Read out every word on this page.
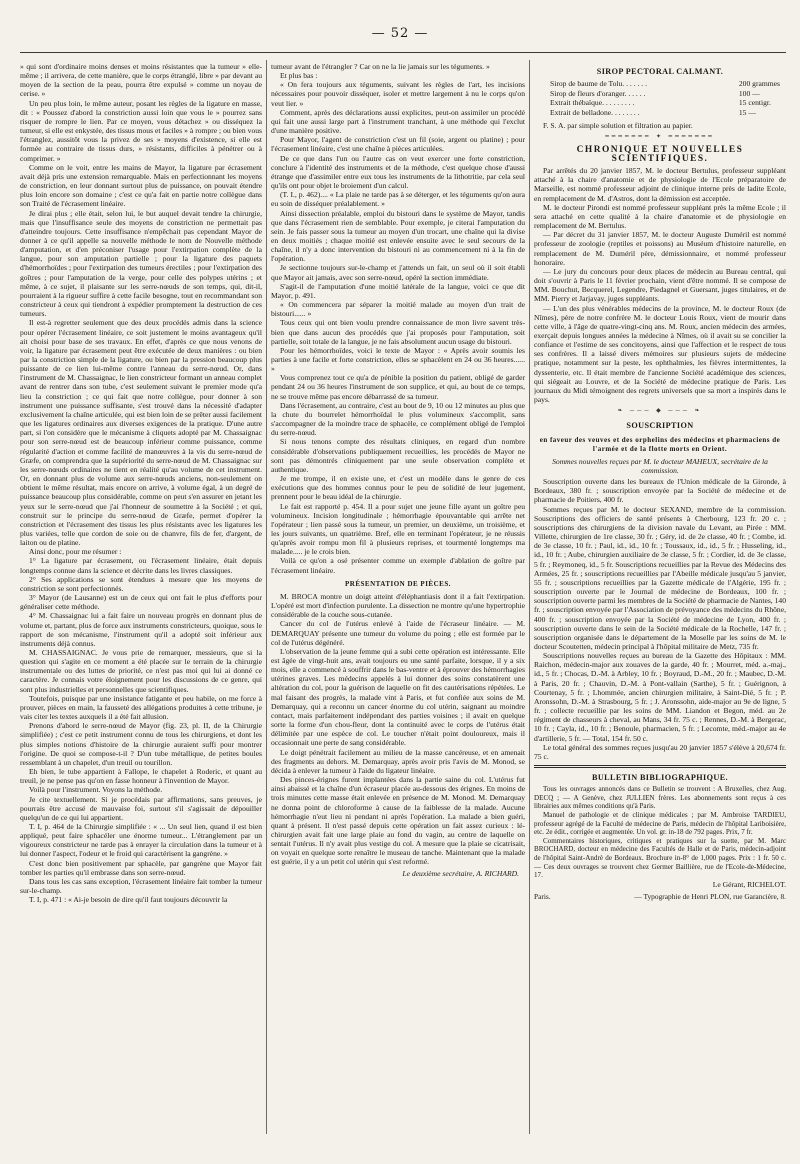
— 52 —

» qui sont d'ordinaire moins denses et moins résistantes que la tumeur » elle-même ; il arrivera, de cette manière, que le corps étranglé, libre » par devant au moyen de la section de la peau, pourra être expulsé » comme un noyau de cerise. »

Un peu plus loin, le même auteur, posant les règles de la ligature en masse, dit : « Poussez d'abord la constriction aussi loin que vous le » pourrez sans risquer de rompre le lien. Par ce moyen, vous détachez » ou disséquez la tumeur, si elle est enkystée, des tissus mous et faciles » à rompre ; ou bien vous l'étranglez, aussitôt vous la privez de ses » moyens d'existence, si elle est formée au contraire de tissus durs, » résistants, difficiles à pénétrer ou à comprimer. »

Comme on le voit, entre les mains de Mayor, la ligature par écrasement avait déjà pris une extension remarquable. Mais en perfectionnant les moyens de constriction, en leur donnant surtout plus de puissance, on pouvait étendre plus loin encore son domaine ; c'est ce qu'a fait en partie notre collègue dans son Traité de l'écrasement linéaire.

Je dirai plus ; elle était, selon lui, le but auquel devait tendre la chirurgie, mais que l'insuffisance seule des moyens de constriction ne permettait pas d'atteindre toujours. Cette insuffisance n'empêchait pas cependant Mayor de donner à ce qu'il appelle sa nouvelle méthode le nom de Nouvelle méthode d'amputation, et d'en préconiser l'usage pour l'extirpation complète de la langue, pour son amputation partielle ; pour la ligature des paquets d'hémorrhoïdes ; pour l'extirpation des tumeurs érectiles ; pour l'extirpation des goîtres ; pour l'amputation de la verge, pour celle des polypes utérins ; et même, à ce sujet, il plaisante sur les serre-nœuds de son temps, qui, dit-il, pourraient à la rigueur suffire à cette facile besogne, tout en recommandant son constricteur à ceux qui tiendront à expédier promptement la destruction de ces tumeurs.

Il est-à regretter seulement que des deux procédés admis dans la science pour opérer l'écrasement linéaire, ce soit justement le moins avantageux qu'il ait choisi pour base de ses travaux. En effet, d'après ce que nous venons de voir, la ligature par écrasement peut être exécutée de deux manières : ou bien par la constriction simple de la ligature, ou bien par la pression beaucoup plus puissante de ce lien lui-même contre l'anneau du serre-nœud. Or, dans l'instrument de M. Chassaignac, le lien constricteur formant un anneau complet avant de rentrer dans son tube, c'est seulement suivant le premier mode qu'a lieu la constriction ; ce qui fait que notre collègue, pour donner à son instrument une puissance suffisante, s'est trouvé dans la nécessité d'adapter exclusivement la chaîne articulée, qui est bien loin de se prêter aussi facilement que les ligatures ordinaires aux diverses exigences de la pratique. D'une autre part, si l'on considère que le mécanisme à cliquets adopté par M. Chassaignac pour son serre-nœud est de beaucoup inférieur comme puissance, comme régularité d'action et comme facilité de manœuvres à la vis du serre-nœud de Græfe, on comprendra que la supériorité du serre-nœud de M. Chassaignac sur les serre-nœuds ordinaires ne tient en réalité qu'au volume de cet instrument. Or, en donnant plus de volume aux serre-nœuds anciens, non-seulement on obtient le même résultat, mais encore on arrive, à volume égal, à un degré de puissance beaucoup plus considérable, comme on peut s'en assurer en jetant les yeux sur le serre-nœud que j'ai l'honneur de soumettre à la Société ; et qui, construit sur le principe du serre-nœud de Græfe, permet d'opérer la constriction et l'écrasement des tissus les plus résistants avec les ligatures les plus variées, telle que cordon de soie ou de chanvre, fils de fer, d'argent, de laiton ou de platine.

Ainsi donc, pour me résumer :

1° La ligature par écrasement, ou l'écrasement linéaire, était depuis longtemps connue dans la science et décrite dans les livres classiques.

2° Ses applications se sont étendues à mesure que les moyens de constriction se sont perfectionnés.

3° Mayor (de Lausanne) est un de ceux qui ont fait le plus d'efforts pour généraliser cette méthode.

4° M. Chassaignac lui a fait faire un nouveau progrès en donnant plus de volume et, partant, plus de force aux instruments constricteurs, quoique, sous le rapport de son mécanisme, l'instrument qu'il a adopté soit inférieur aux instruments déjà connus.

M. CHASSAIGNAC. Je vous prie de remarquer, messieurs, que si la question qui s'agite en ce moment a été placée sur le terrain de la chirurgie instrumentale ou des luttes de priorité, ce n'est pas moi qui lui ai donné ce caractère. Je connais votre éloignement pour les discussions de ce genre, qui sont plus industrielles et personnelles que scientifiques.

Toutefois, puisque par une insistance fatigante et peu habile, on me force à prouver, pièces en main, la fausseté des allégations produites à cette tribune, je vais citer les textes auxquels il a été fait allusion.

Prenons d'abord le serre-nœud de Mayor (fig. 23, pl. II, de la Chirurgie simplifiée) ; c'est ce petit instrument connu de tous les chirurgiens, et dont les plus simples notions d'histoire de la chirurgie auraient suffi pour montrer l'origine. De quoi se compose-t-il ? D'un tube métallique, de petites boules ressemblant à un chapelet, d'un treuil ou tourillon.

Eh bien, le tube appartient à Fallope, le chapelet à Roderic, et quant au treuil, je ne pense pas qu'on en fasse honneur à l'invention de Mayor.

Voilà pour l'instrument. Voyons la méthode.

Je cite textuellement. Si je procédais par affirmations, sans preuves, je pourrais être accusé de mauvaise foi, surtout s'il s'agissait de dépouiller quelqu'un de ce qui lui appartient.

T. I, p. 464 de la Chirurgie simplifiée : « ... Un seul lien, quand il est bien appliqué, peut faire sphacéler une énorme tumeur... L'étranglement par un vigoureux constricteur ne tarde pas à enrayer la circulation dans la tumeur et à lui donner l'aspect, l'odeur et le froid qui caractérisent la gangrène. »

C'est donc bien positivement par sphacèle, par gangrène que Mayor fait tomber les parties qu'il embrasse dans son serre-nœud.

Dans tous les cas sans exception, l'écrasement linéaire fait tomber la tumeur sur-le-champ.

T. I, p. 471 : « Ai-je besoin de dire qu'il faut toujours découvrir la

tumeur avant de l'étrangler ? Car on ne la lie jamais sur les téguments. »

Et plus bas :

« On fera toujours aux téguments, suivant les règles de l'art, les incisions nécessaires pour pouvoir disséquer, isoler et mettre largement à nu le corps qu'on veut lier. »

Comment, après des déclarations aussi explicites, peut-on assimiler un procédé qui fait une aussi large part à l'instrument tranchant, à une méthode qui l'exclut d'une manière positive.

Pour Mayor, l'agent de constriction c'est un fil (soie, argent ou platine) ; pour l'écrasement linéaire, c'est une chaîne à pièces articulées.

De ce que dans l'un ou l'autre cas on veut exercer une forte constriction, conclure à l'identité des instruments et de la méthode, c'est quelque chose d'aussi étrange que d'assimiler entre eux tous les instruments de la lithotritie, par cela seul qu'ils ont pour objet le broiement d'un calcul.

(T. I., p. 462).... « La plaie ne tarde pas à se déterger, et les téguments qu'on aura eu soin de disséquer préalablement. »

Ainsi dissection préalable, emploi du bistouri dans le système de Mayor, tandis que dans l'écrasement rien de semblable. Pour exemple, je citerai l'amputation du sein. Je fais passer sous la tumeur au moyen d'un trocart, une chaîne qui la divise en deux moitiés ; chaque moitié est enlevée ensuite avec le seul secours de la chaîne, il n'y a donc intervention du bistouri ni au commencement ni à la fin de l'opération.

Je sectionne toujours sur-le-champ et j'attends un fait, un seul où il soit établi que Mayor ait jamais, avec son serre-nœud, opéré la section immédiate.

S'agit-il de l'amputation d'une moitié latérale de la langue, voici ce que dit Mayor, p. 491.

« On commencera par séparer la moitié malade au moyen d'un trait de bistouri...... »

Tous ceux qui ont bien voulu prendre connaissance de mon livre savent très-bien que dans aucun des procédés que j'ai proposés pour l'amputation, soit partielle, soit totale de la langue, je ne fais absolument aucun usage du bistouri.

Pour les hémorrhoïdes, voici le texte de Mayor : « Après avoir soumis les parties à une facile et forte constriction, elles se sphacèlent en 24 ou 36 heures...... »

Vous comprenez tout ce qu'a de pénible la position du patient, obligé de garder pendant 24 ou 36 heures l'instrument de son supplice, et qui, au bout de ce temps, ne se trouve même pas encore débarrassé de sa tumeur.

Dans l'écrasement, au contraire, c'est au bout de 9, 10 ou 12 minutes au plus que la chute du bourrelet hémorrhoïdal le plus volumineux s'accomplit, sans s'accompagner de la moindre trace de sphacèle, ce complément obligé de l'emploi du serre-nœud.

Si nous tenons compte des résultats cliniques, en regard d'un nombre considérable d'observations publiquement recueillies, les procédés de Mayor ne sont pas démontrés cliniquement par une seule observation complète et authentique.

Je me trompe, il en existe une, et c'est un modèle dans le genre de ces exécutions que des hommes connus pour le peu de solidité de leur jugement, prennent pour le beau idéal de la chirurgie.

Le fait est rapporté p. 454. Il a pour sujet une jeune fille ayant un goître peu volumineux. Incision longitudinale ; hémorrhagie épouvantable qui arrête net l'opérateur ; lien passé sous la tumeur, un premier, un deuxième, un troisième, et les jours suivants, un quatrième. Bref, elle en terminant l'opérateur, je ne réussis qu'après avoir rompu mon fil à plusieurs reprises, et tourmenté longtemps ma malade..... je le crois bien.

Voilà ce qu'on a osé présenter comme un exemple d'ablation de goître par l'écrasement linéaire.

PRÉSENTATION DE PIÈCES.

M. BROCA montre un doigt atteint d'éléphantiasis dont il a fait l'extirpation. L'opéré est mort d'infection purulente. La dissection ne montre qu'une hypertrophie considérable de la couche sous-cutanée.

Cancer du col de l'utérus enlevé à l'aide de l'écraseur linéaire. — M. DEMARQUAY présente une tumeur du volume du poing ; elle est formée par le col de l'utérus dégénéré.

L'observation de la jeune femme qui a subi cette opération est intéressante. Elle est âgée de vingt-huit ans, avait toujours eu une santé parfaite, lorsque, il y a six mois, elle a commencé à souffrir dans le bas-ventre et à éprouver des hémorrhagies utérines graves. Les médecins appelés à lui donner des soins constatèrent une altération du col, pour la guérison de laquelle on fit des cautérisations répétées. Le mal faisant des progrès, la malade vint à Paris, et fut confiée aux soins de M. Demarquay, qui a reconnu un cancer énorme du col utérin, saignant au moindre contact, mais parfaitement indépendant des parties voisines ; il avait en quelque sorte la forme d'un chou-fleur, dont la continuité avec le corps de l'utérus était délimitée par une espèce de col. Le toucher n'était point douloureux, mais il occasionnait une perte de sang considérable.

Le doigt pénétrait facilement au milieu de la masse cancéreuse, et en amenait des fragments au dehors. M. Demarquay, après avoir pris l'avis de M. Monod, se décida à enlever la tumeur à l'aide du ligateur linéaire.

Des pinces-érignes furent implantées dans la partie saine du col. L'utérus fut ainsi abaissé et la chaîne d'un écraseur placée au-dessous des érignes. En moins de trois minutes cette masse était enlevée en présence de M. Monod. M. Demarquay ne donna point de chloroforme à cause de la faiblesse de la malade. Aucune hémorrhagie n'eut lieu ni pendant ni après l'opération. La malade a bien guéri, quant à présent. Il n'est passé depuis cette opération un fait assez curieux : lé-chirurgien avait fait une large plaie au fond du vagin, au centre de laquelle on sentait l'utérus. Il n'y avait plus vestige du col. A mesure que la plaie se cicatrisait, on voyait en quelque sorte renaître le museau de tanche. Maintenant que la malade est guérie, il y a un petit col utérin qui s'est reformé.

Le deuxième secrétaire, A. RICHARD.
SIROP PECTORAL CALMANT.
Sirop de baume de Tolu. . . . . . .	200 grammes
Sirop de fleurs d'oranger. . . . . .	100 —
Extrait thébaïque. . . . . . . . .	15 centigr.
Extrait de belladone. . . . . . . .	15 —

F. S. A. par simple solution et filtration au papier.

━━━━━━━ ✦ ━━━━━━━
CHRONIQUE ET NOUVELLES SCIENTIFIQUES.

Par arrêtés du 20 janvier 1857, M. le docteur Bertulus, professeur suppléant attaché à la chaire d'anatomie et de physiologie de l'Ecole préparatoire de Marseille, est nommé professeur adjoint de clinique interne près de ladite Ecole, en remplacement de M. d'Astros, dont la démission est acceptée.

M. le docteur Pirondi est nommé professeur suppléant près la même Ecole ; il sera attaché en cette qualité à la chaire d'anatomie et de physiologie en remplacement de M. Bertulus.

— Par décret du 31 janvier 1857, M. le docteur Auguste Duméril est nommé professeur de zoologie (reptiles et poissons) au Muséum d'histoire naturelle, en remplacement de M. Duméril père, démissionnaire, et nommé professeur honoraire.

— Le jury du concours pour deux places de médecin au Bureau central, qui doit s'ouvrir à Paris le 11 février prochain, vient d'être nommé. Il se compose de MM. Bouchut, Becquerel, Legendre, Piedagnel et Guersant, juges titulaires, et de MM. Pierry et Jarjavay, juges suppléants.

— L'un des plus vénérables médecins de la province, M. le docteur Roux (de Nîmes), père de notre confrère M. le docteur Louis Roux, vient de mourir dans cette ville, à l'âge de quatre-vingt-cinq ans. M. Roux, ancien médecin des armées, exerçait depuis longues années la médecine à Nîmes, où il avait su se concilier la confiance et l'estime de ses concitoyens, ainsi que l'affection et le respect de tous ses confrères. Il a laissé divers mémoires sur plusieurs sujets de médecine pratique, notamment sur la peste, les ophthalmies, les fièvres intermittentes, la dyssenterie, etc. Il était membre de l'ancienne Société académique des sciences, qui siégeait au Louvre, et de la Société de médecine pratique de Paris. Les journaux du Midi témoignent des regrets universels que sa mort a inspirés dans le pays.

❧ ─── ◆ ─── ❧
SOUSCRIPTION
en faveur des veuves et des orphelins des médecins et pharmaciens de l'armée et de la flotte morts en Orient.
Sommes nouvelles reçues par M. le docteur MAHEUX, secrétaire de la commission.

Souscription ouverte dans les bureaux de l'Union médicale de la Gironde, à Bordeaux, 380 fr. ; souscription envoyée par la Société de médecine et de pharmacie de Poitiers, 400 fr.

Sommes reçues par M. le docteur SEXAND, membre de la commission. Souscriptions des officiers de santé présents à Cherbourg, 123 fr. 20 c. ; souscriptions des chirurgiens de la division navale du Levant, au Pirée : MM. Villette, chirurgien de 1re classe, 30 fr. ; Géry, id. de 2e classe, 40 fr. ; Combe, id. de 3e classe, 10 fr. ; Paul, id., id., 10 fr. ; Toussaux, id., id., 5 fr. ; Husseling, id., id., 10 fr. ; Aube, chirurgien auxiliaire de 3e classe, 5 fr. ; Cordier, id. de 3e classe, 5 fr. ; Reymoneq, id., 5 fr. Souscriptions recueillies par la Revue des Médecins des Armées, 25 fr. ; souscriptions recueillies par l'Abeille médicale jusqu'au 5 janvier, 55 fr. ; souscriptions recueillies par la Gazette médicale de l'Algérie, 195 fr. ; souscription ouverte par le Journal de médecine de Bordeaux, 100 fr. ; souscription ouverte parmi les membres de la Société de pharmacie de Nantes, 140 fr. ; souscription envoyée par l'Association de prévoyance des médecins du Rhône, 400 fr. ; souscription envoyée par la Société de médecine de Lyon, 400 fr. ; souscription ouverte dans le sein de la Société médicale de la Rochelle, 147 fr. ; souscription organisée dans le département de la Moselle par les soins de M. le docteur Scoutetten, médecin principal à l'hôpital militaire de Metz, 735 fr.

Souscriptions nouvelles reçues au bureau de la Gazette des Hôpitaux : MM. Raichon, médecin-major aux zouaves de la garde, 40 fr. ; Mourret, méd. a.-maj., id., 5 fr. ; Chocas, D.-M. à Arbley, 10 fr. ; Boyraud, D.-M., 20 fr. ; Maubec, D.-M. à Paris, 20 fr. ; Chauvin, D.-M. à Pont-vallain (Sarthe), 5 fr. ; Guérignon, à Courtenay, 5 fr. ; Lhommée, ancien chirurgien militaire, à Saint-Dié, 5 fr. ; P. Aronssohn, D.-M. à Strasbourg, 5 fr. ; J. Aronssohn, aide-major au 9e de ligne, 5 fr. ; collecte recueillie par les soins de MM. Liandon et Begon, méd. au 2e régiment de chasseurs à cheval, au Mans, 34 fr. 75 c. ; Rennes, D.-M. à Bergerac, 10 fr. ; Cayla, id., 10 fr. ; Benoule, pharmacien, 5 fr. ; Lecomte, méd.-major au 4e d'artillerie, 5 fr. — Total, 154 fr. 50 c.

Le total général des sommes reçues jusqu'au 20 janvier 1857 s'élève à 20,674 fr. 75 c.

BULLETIN BIBLIOGRAPHIQUE.

Tous les ouvrages annoncés dans ce Bulletin se trouvent : A Bruxelles, chez Aug. DECQ ; — A Genève, chez JULLIEN frères. Les abonnements sont reçus à ces librairies aux mêmes conditions qu'à Paris.

Manuel de pathologie et de clinique médicales ; par M. Ambroise TARDIEU, professeur agrégé de la Faculté de médecine de Paris, médecin de l'hôpital Lariboisière, etc. 2e édit., corrigée et augmentée. Un vol. gr. in-18 de 792 pages. Prix, 7 fr.

Commentaires historiques, critiques et pratiques sur la suette, par M. Marc BROCHARD, docteur en médecine des Facultés de Halle et de Paris, médecin-adjoint de l'hôpital Saint-Andrè de Bordeaux. Brochure in-8° de 1,000 pages. Prix : 1 fr. 50 c. — Ces deux ouvrages se trouvent chez Germer Baillière, rue de l'Ecole-de-Médecine, 17.

Le Gérant, RICHELOT.
Paris.	— Typographie de Henri PLON, rue Garancière, 8.
